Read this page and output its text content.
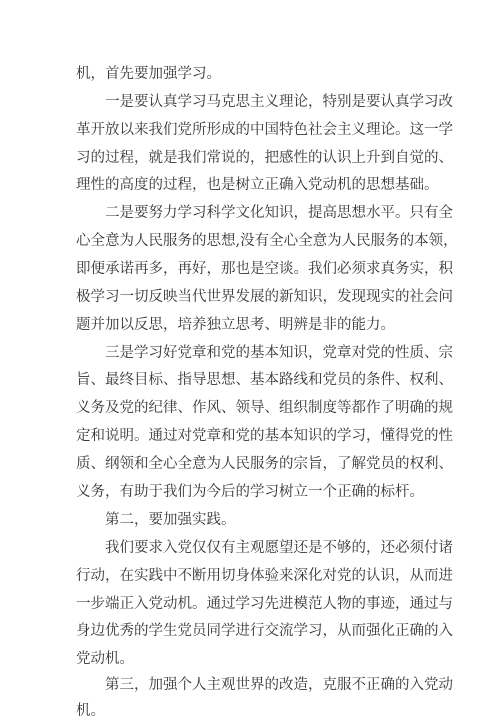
机，首先要加强学习。
一是要认真学习马克思主义理论，特别是要认真学习改
革开放以来我们党所形成的中国特色社会主义理论。这一学
习的过程，就是我们常说的，把感性的认识上升到自觉的、
理性的高度的过程，也是树立正确入党动机的思想基础。
二是要努力学习科学文化知识，提高思想水平。只有全
心全意为人民服务的思想,没有全心全意为人民服务的本领，
即便承诺再多，再好，那也是空谈。我们必须求真务实，积
极学习一切反映当代世界发展的新知识，发现现实的社会问
题并加以反思，培养独立思考、明辨是非的能力。
三是学习好党章和党的基本知识，党章对党的性质、宗
旨、最终目标、指导思想、基本路线和党员的条件、权利、
义务及党的纪律、作风、领导、组织制度等都作了明确的规
定和说明。通过对党章和党的基本知识的学习，懂得党的性
质、纲领和全心全意为人民服务的宗旨，了解党员的权利、
义务，有助于我们为今后的学习树立一个正确的标杆。
第二，要加强实践。
我们要求入党仅仅有主观愿望还是不够的，还必须付诸
行动，在实践中不断用切身体验来深化对党的认识，从而进
一步端正入党动机。通过学习先进模范人物的事迹，通过与
身边优秀的学生党员同学进行交流学习，从而强化正确的入
党动机。
第三，加强个人主观世界的改造，克服不正确的入党动
机。
